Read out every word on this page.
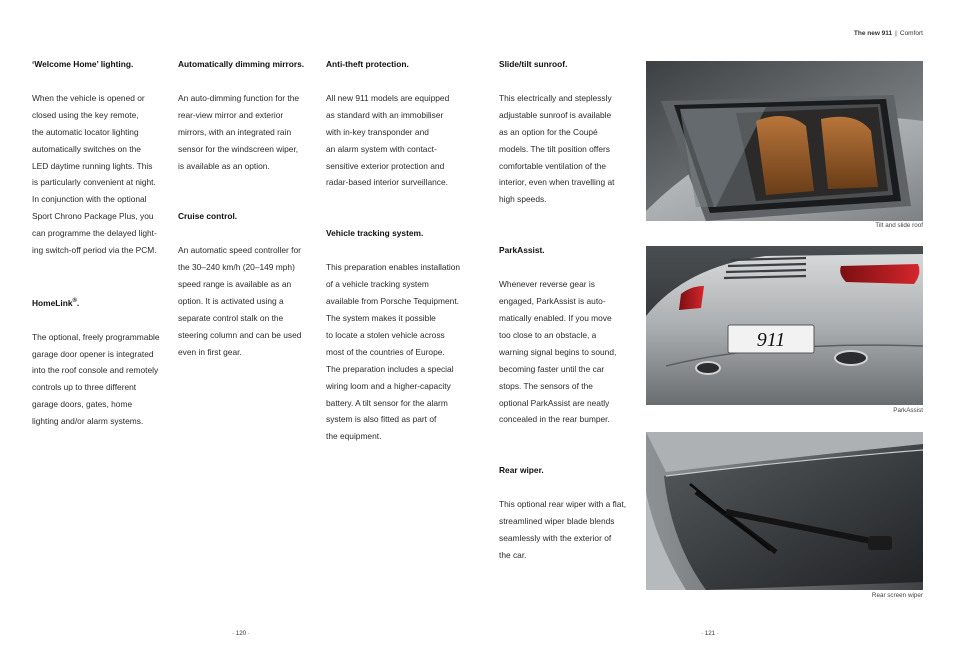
The new 911 | Comfort
‘Welcome Home’ lighting.

When the vehicle is opened or
closed using the key remote,
the automatic locator lighting
automatically switches on the
LED daytime running lights. This
is particularly convenient at night.
In conjunction with the optional
Sport Chrono Package Plus, you
can programme the delayed light-
ing switch-off period via the PCM.

HomeLink®.

The optional, freely programmable
garage door opener is integrated
into the roof console and remotely
controls up to three different
garage doors, gates, home
lighting and/or alarm systems.

Automatically dimming mirrors.

An auto-dimming function for the
rear-view mirror and exterior
mirrors, with an integrated rain
sensor for the windscreen wiper,
is available as an option.

Cruise control.

An automatic speed controller for
the 30–240 km/h (20–149 mph)
speed range is available as an
option. It is activated using a
separate control stalk on the
steering column and can be used
even in first gear.

Anti-theft protection.

All new 911 models are equipped
as standard with an immobiliser
with in-key transponder and
an alarm system with contact-
sensitive exterior protection and
radar-based interior surveillance.

Vehicle tracking system.

This preparation enables installation
of a vehicle tracking system
available from Porsche Tequipment.
The system makes it possible
to locate a stolen vehicle across
most of the countries of Europe.
The preparation includes a special
wiring loom and a higher-capacity
battery. A tilt sensor for the alarm
system is also fitted as part of
the equipment.

Slide/tilt sunroof.

This electrically and steplessly
adjustable sunroof is available
as an option for the Coupé
models. The tilt position offers
comfortable ventilation of the
interior, even when travelling at
high speeds.

ParkAssist.

Whenever reverse gear is
engaged, ParkAssist is auto-
matically enabled. If you move
too close to an obstacle, a
warning signal begins to sound,
becoming faster until the car
stops. The sensors of the
optional ParkAssist are neatly
concealed in the rear bumper.

Rear wiper.

This optional rear wiper with a flat,
streamlined wiper blade blends
seamlessly with the exterior of
the car.

Tilt and slide roof
911
ParkAssist
Rear screen wiper
· 120 ·	· 121 ·
